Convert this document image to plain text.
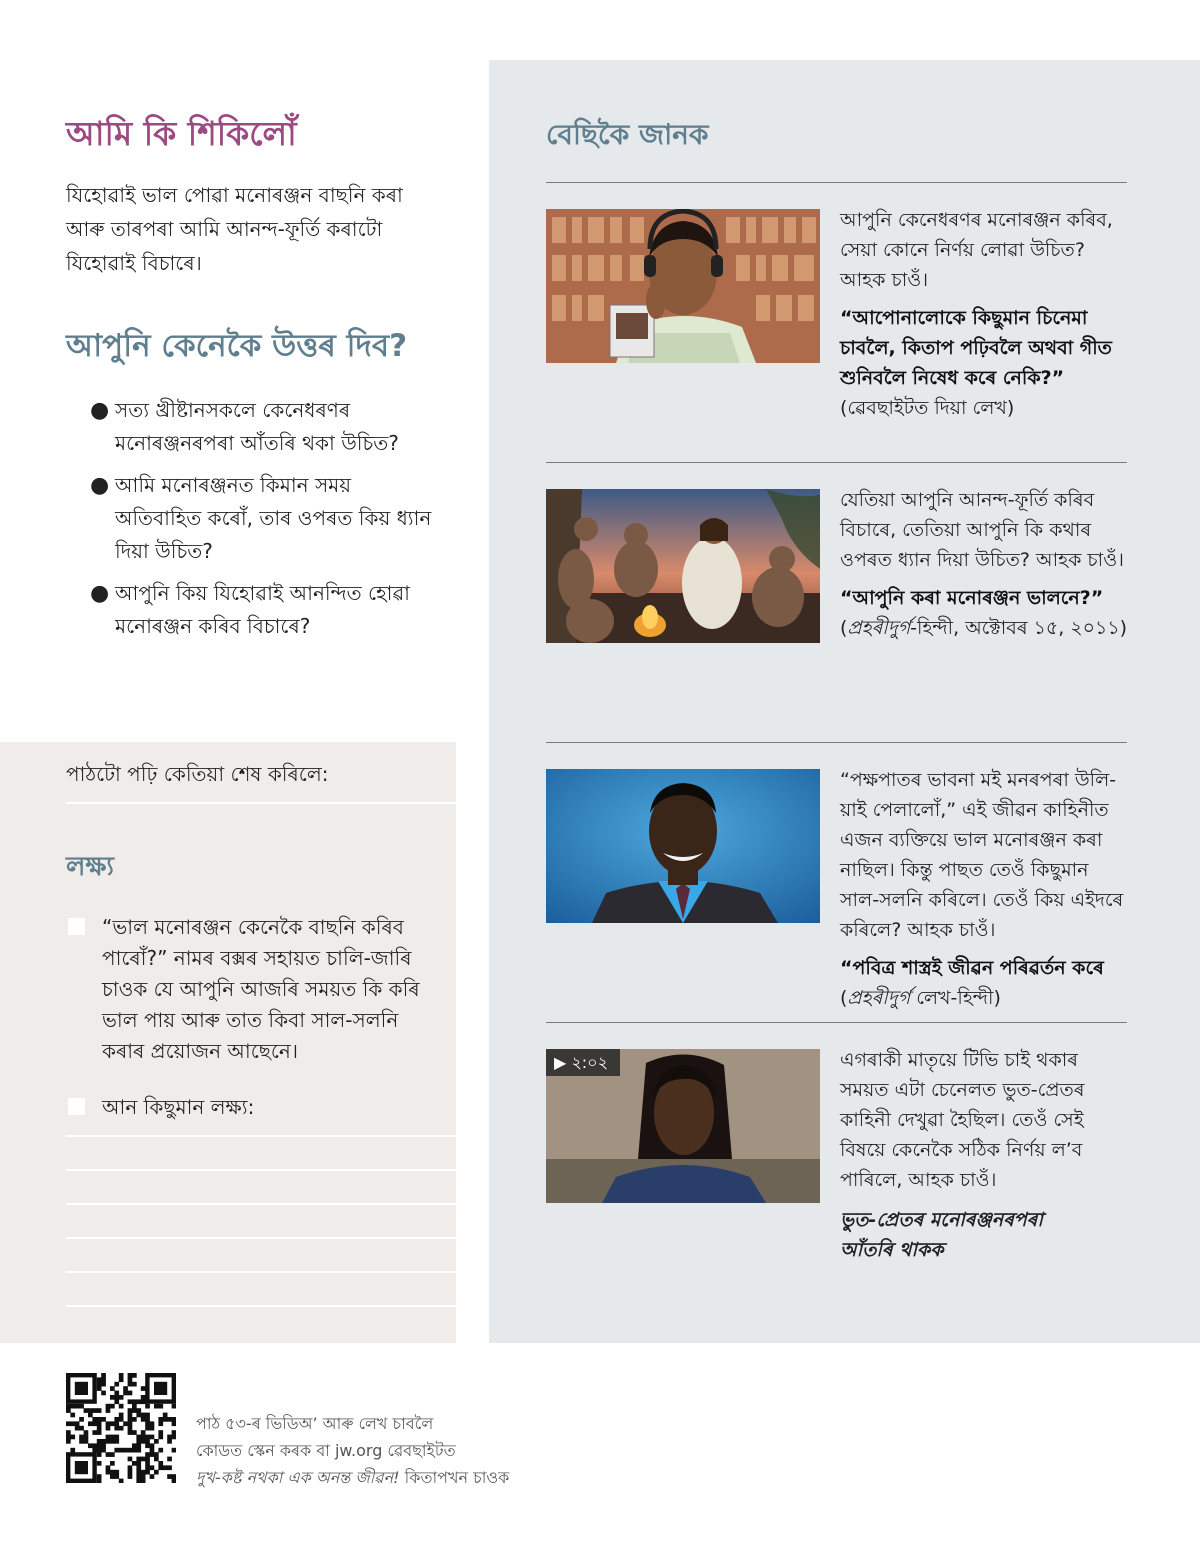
আমি কি শিকিলোঁ

যিহোৱাই ভাল পোৱা মনোৰঞ্জন বাছনি কৰা আৰু তাৰপৰা আমি আনন্দ-ফূৰ্তি কৰাটো যিহোৱাই বিচাৰে।

আপুনি কেনেকৈ উত্তৰ দিব?
● সত্য খ্ৰীষ্টানসকলে কেনেধৰণৰ মনোৰঞ্জনৰপৰা আঁতৰি থকা উচিত?
● আমি মনোৰঞ্জনত কিমান সময় অতিবাহিত কৰোঁ, তাৰ ওপৰত কিয় ধ্যান দিয়া উচিত?
● আপুনি কিয় যিহোৱাই আনন্দিত হোৱা মনোৰঞ্জন কৰিব বিচাৰে?
পাঠটো পঢ়ি কেতিয়া শেষ কৰিলে:
লক্ষ্য
“ভাল মনোৰঞ্জন কেনেকৈ বাছনি কৰিব পাৰোঁ?” নামৰ বক্সৰ সহায়ত চালি-জাৰি চাওক যে আপুনি আজৰি সময়ত কি কৰি ভাল পায় আৰু তাত কিবা সাল-সলনি কৰাৰ প্ৰয়োজন আছেনে।
আন কিছুমান লক্ষ্য:
বেছিকৈ জানক

আপুনি কেনেধৰণৰ মনোৰঞ্জন কৰিব, সেয়া কোনে নিৰ্ণয় লোৱা উচিত? আহক চাওঁ।

“আপোনালোকে কিছুমান চিনেমা চাবলৈ, কিতাপ পঢ়িবলৈ অথবা গীত শুনিবলৈ নিষেধ কৰে নেকি?”

(ৱেবছাইটত দিয়া লেখ)

যেতিয়া আপুনি আনন্দ-ফূৰ্তি কৰিব বিচাৰে, তেতিয়া আপুনি কি কথাৰ ওপৰত ধ্যান দিয়া উচিত? আহক চাওঁ।

“আপুনি কৰা মনোৰঞ্জন ভালনে?”

(প্ৰহৰীদুৰ্গ-হিন্দী, অক্টোবৰ ১৫, ২০১১)

“পক্ষপাতৰ ভাবনা মই মনৰপৰা উলি-য়াই পেলালোঁ,” এই জীৱন কাহিনীত এজন ব্যক্তিয়ে ভাল মনোৰঞ্জন কৰা নাছিল। কিন্তু পাছত তেওঁ কিছুমান সাল-সলনি কৰিলে। তেওঁ কিয় এইদৰে কৰিলে? আহক চাওঁ।

“পবিত্ৰ শাস্ত্ৰই জীৱন পৰিৱৰ্তন কৰে

(প্ৰহৰীদুৰ্গ লেখ-হিন্দী)

▶ ২:০২	এগৰাকী মাতৃয়ে টিভি চাই থকাৰ সময়ত এটা চেনেলত ভুত-প্ৰেতৰ কাহিনী দেখুৱা হৈছিল। তেওঁ সেই বিষয়ে কেনেকৈ সঠিক নিৰ্ণয় ল’ব পাৰিলে, আহক চাওঁ।

ভুত-প্ৰেতৰ মনোৰঞ্জনৰপৰা
আঁতৰি থাকক

পাঠ ৫৩-ৰ ভিডিঅ’ আৰু লেখ চাবলৈ
কোডত স্কেন কৰক বা jw.org ৱেবছাইটত
দুখ-কষ্ট নথকা এক অনন্ত জীৱন! কিতাপখন চাওক
